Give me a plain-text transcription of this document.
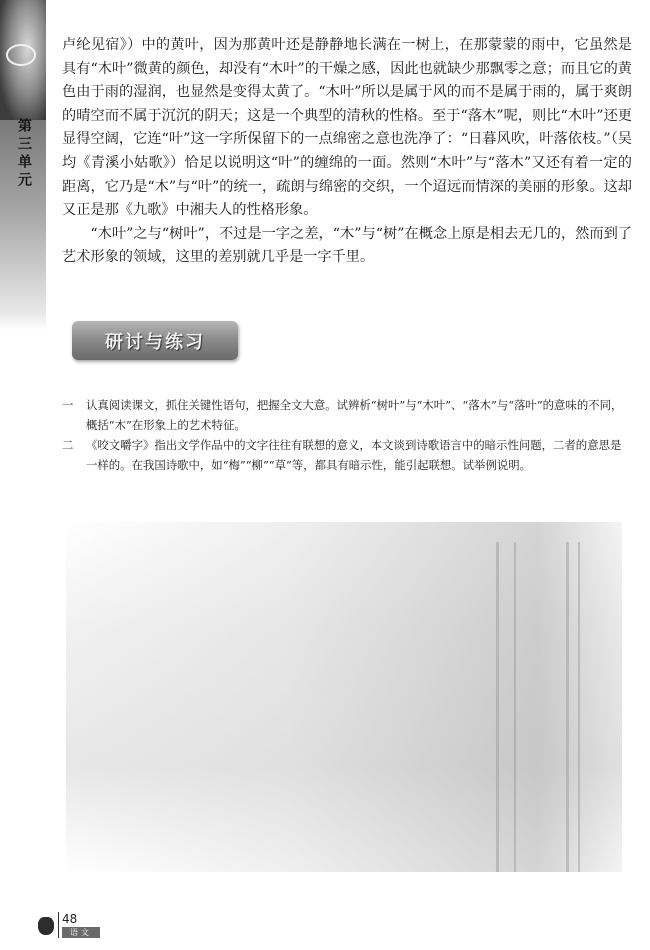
第三单元

卢纶见宿》）中的黄叶，因为那黄叶还是静静地长满在一树上，在那蒙蒙的雨中，它虽然是具有“木叶”微黄的颜色，却没有“木叶”的干燥之感，因此也就缺少那飘零之意；而且它的黄色由于雨的湿润，也显然是变得太黄了。“木叶”所以是属于风的而不是属于雨的，属于爽朗的晴空而不属于沉沉的阴天；这是一个典型的清秋的性格。至于“落木”呢，则比“木叶”还更显得空阔，它连“叶”这一字所保留下的一点绵密之意也洗净了：“日暮风吹，叶落依枝。”（吴均《青溪小姑歌》）恰足以说明这“叶”的缠绵的一面。然则“木叶”与“落木”又还有着一定的距离，它乃是“木”与“叶”的统一，疏朗与绵密的交织，一个迢远而情深的美丽的形象。这却又正是那《九歌》中湘夫人的性格形象。

“木叶”之与“树叶”，不过是一字之差，“木”与“树”在概念上原是相去无几的，然而到了艺术形象的领域，这里的差别就几乎是一字千里。

研讨与练习

一 认真阅读课文，抓住关键性语句，把握全文大意。试辨析“树叶”与“木叶”、“落木”与“落叶”的意味的不同，概括“木”在形象上的艺术特征。

二 《咬文嚼字》指出文学作品中的文字往往有联想的意义，本文谈到诗歌语言中的暗示性问题，二者的意思是一样的。在我国诗歌中，如“梅”“柳”“草”等，都具有暗示性，能引起联想。试举例说明。

48
语文
